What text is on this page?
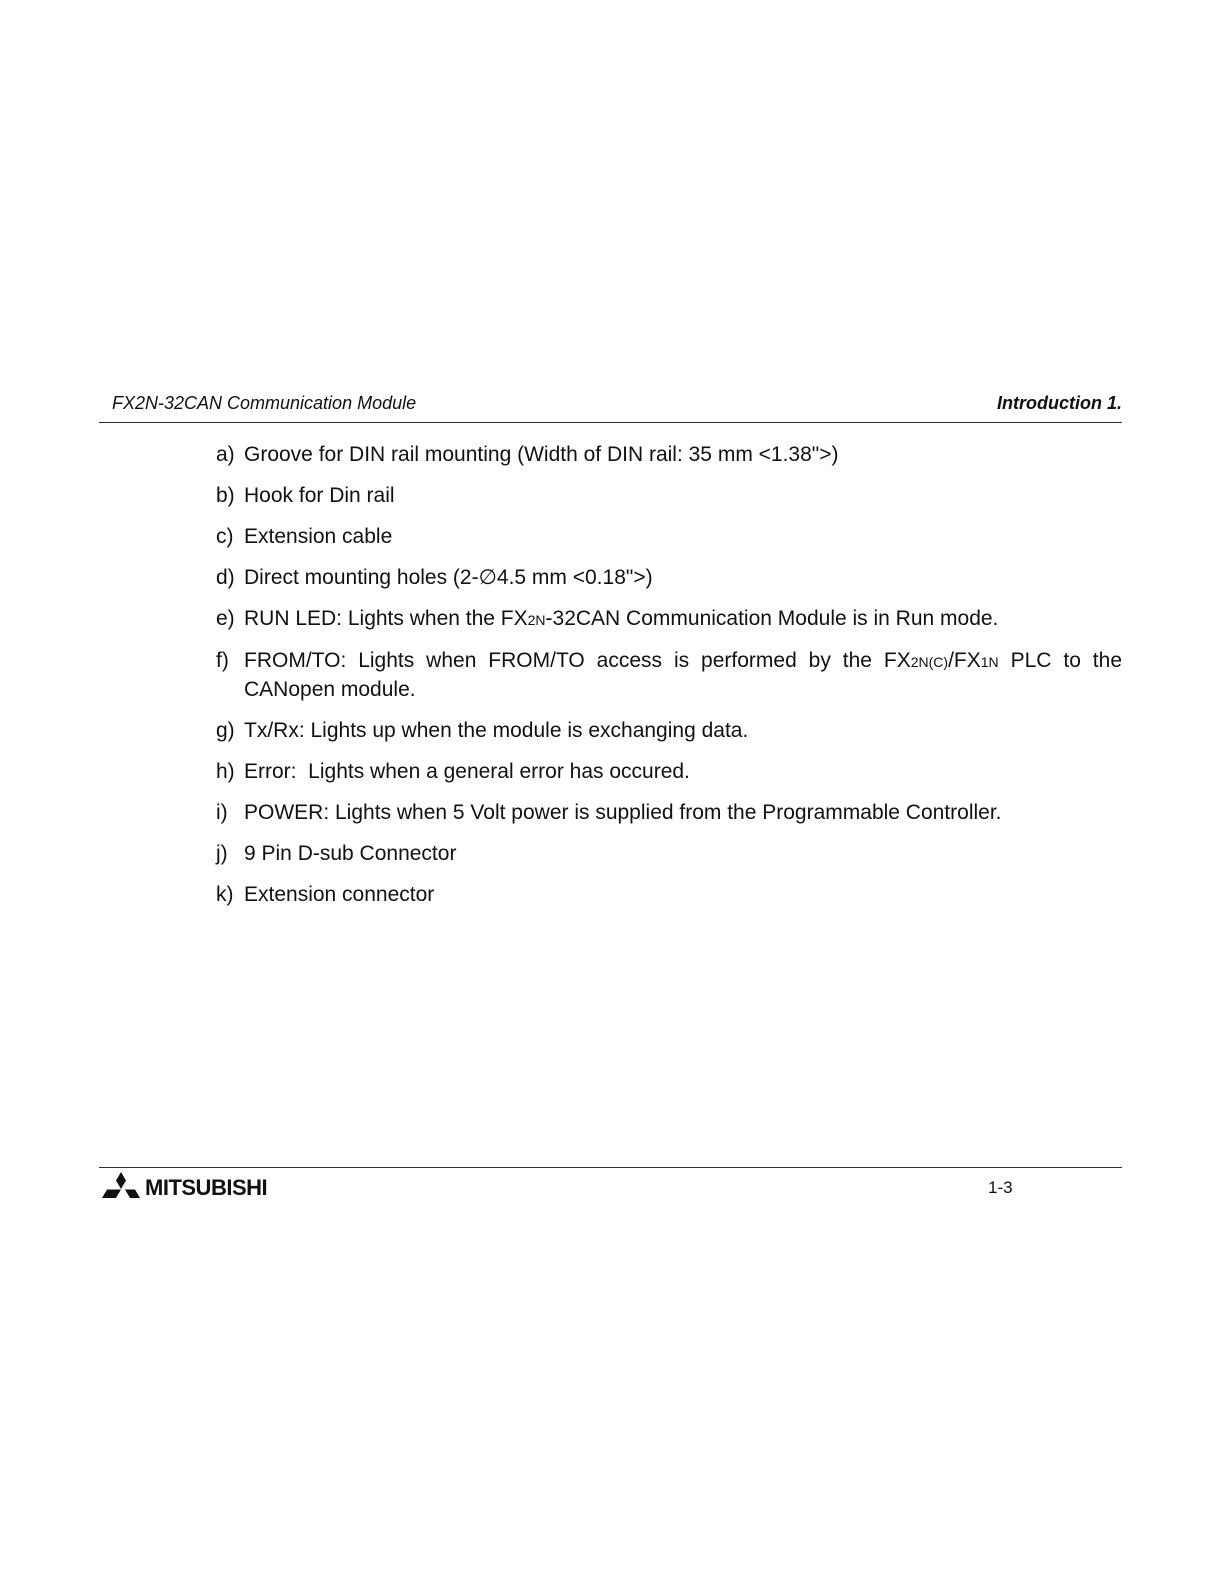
FX2N-32CAN Communication Module	Introduction 1.
a) Groove for DIN rail mounting (Width of DIN rail: 35 mm <1.38">)
b) Hook for Din rail
c) Extension cable
d) Direct mounting holes (2-∅4.5 mm <0.18">)
e) RUN LED: Lights when the FX2N-32CAN Communication Module is in Run mode.
f) FROM/TO: Lights when FROM/TO access is performed by the FX2N(C)/FX1N PLC to the
CANopen module.
g) Tx/Rx: Lights up when the module is exchanging data.
h) Error:  Lights when a general error has occured.
i) POWER: Lights when 5 Volt power is supplied from the Programmable Controller.
j) 9 Pin D-sub Connector
k) Extension connector
MITSUBISHI	1-3
